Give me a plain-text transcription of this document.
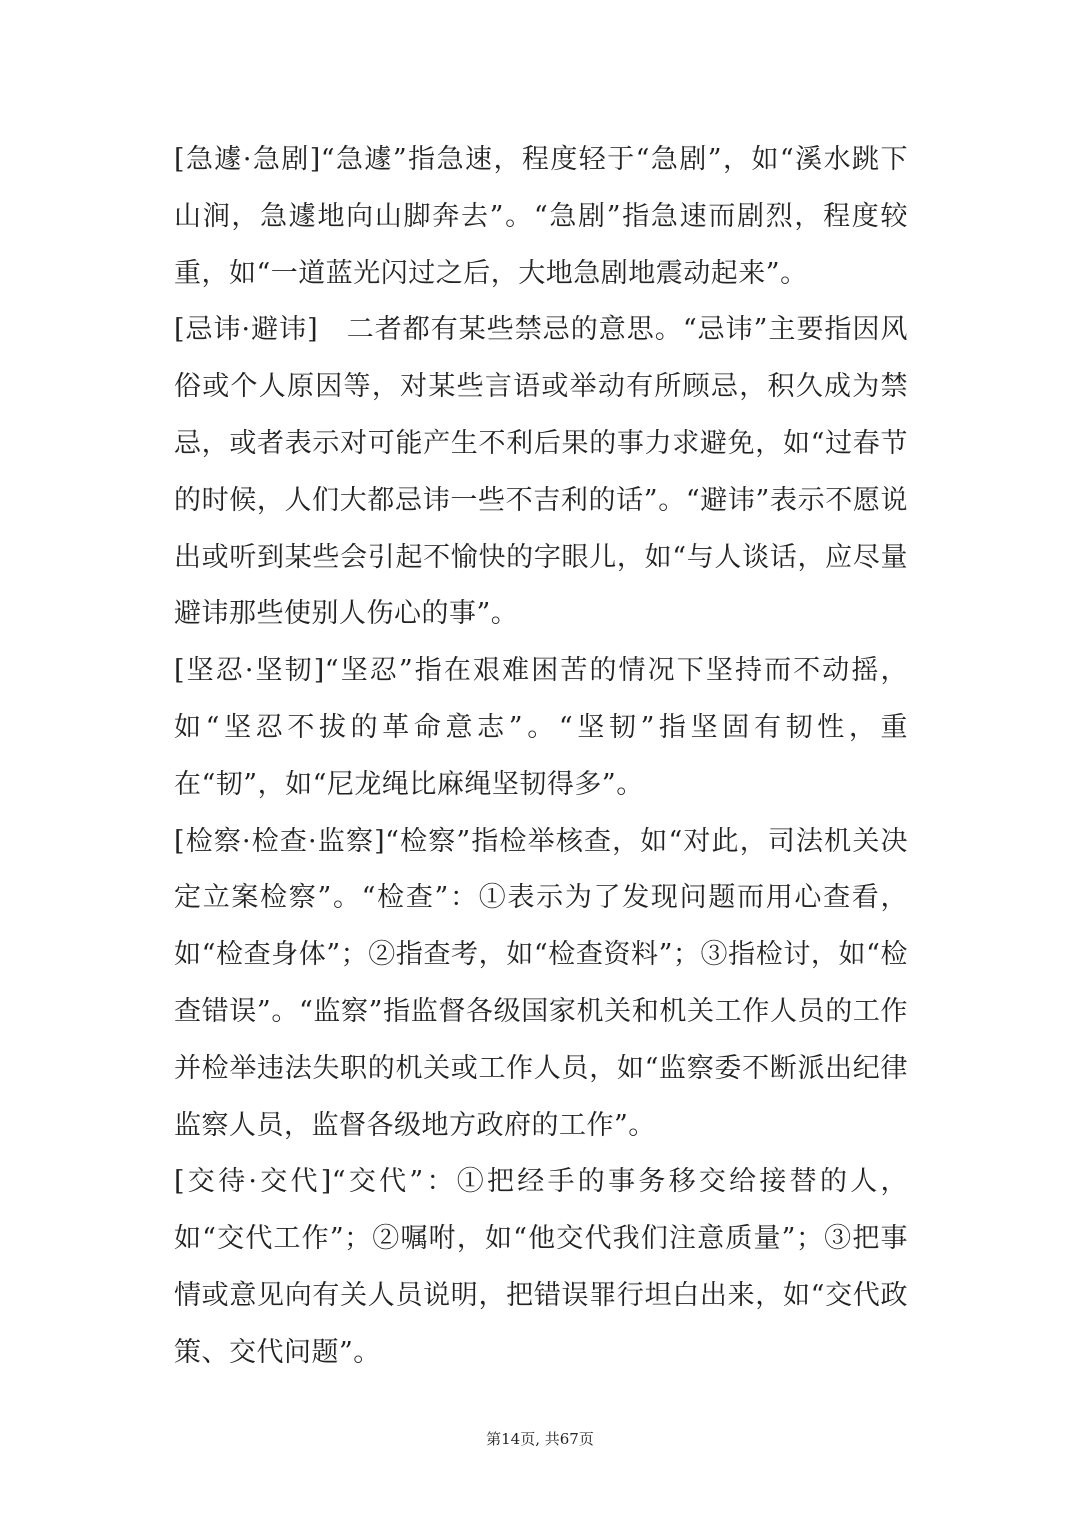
[急遽·急剧]“急遽”指急速，程度轻于“急剧”，如“溪水跳下山涧，急遽地向山脚奔去”。“急剧”指急速而剧烈，程度较重，如“一道蓝光闪过之后，大地急剧地震动起来”。

[忌讳·避讳]　二者都有某些禁忌的意思。“忌讳”主要指因风俗或个人原因等，对某些言语或举动有所顾忌，积久成为禁忌，或者表示对可能产生不利后果的事力求避免，如“过春节的时候，人们大都忌讳一些不吉利的话”。“避讳”表示不愿说出或听到某些会引起不愉快的字眼儿，如“与人谈话，应尽量避讳那些使别人伤心的事”。

[坚忍·坚韧]“坚忍”指在艰难困苦的情况下坚持而不动摇，如“坚忍不拔的革命意志”。“坚韧”指坚固有韧性，重在“韧”，如“尼龙绳比麻绳坚韧得多”。

[检察·检查·监察]“检察”指检举核查，如“对此，司法机关决定立案检察”。“检查”：①表示为了发现问题而用心查看，如“检查身体”；②指查考，如“检查资料”；③指检讨，如“检查错误”。“监察”指监督各级国家机关和机关工作人员的工作并检举违法失职的机关或工作人员，如“监察委不断派出纪律监察人员，监督各级地方政府的工作”。

[交待·交代]“交代”：①把经手的事务移交给接替的人，如“交代工作”；②嘱咐，如“他交代我们注意质量”；③把事情或意见向有关人员说明，把错误罪行坦白出来，如“交代政策、交代问题”。

第14页, 共67页
